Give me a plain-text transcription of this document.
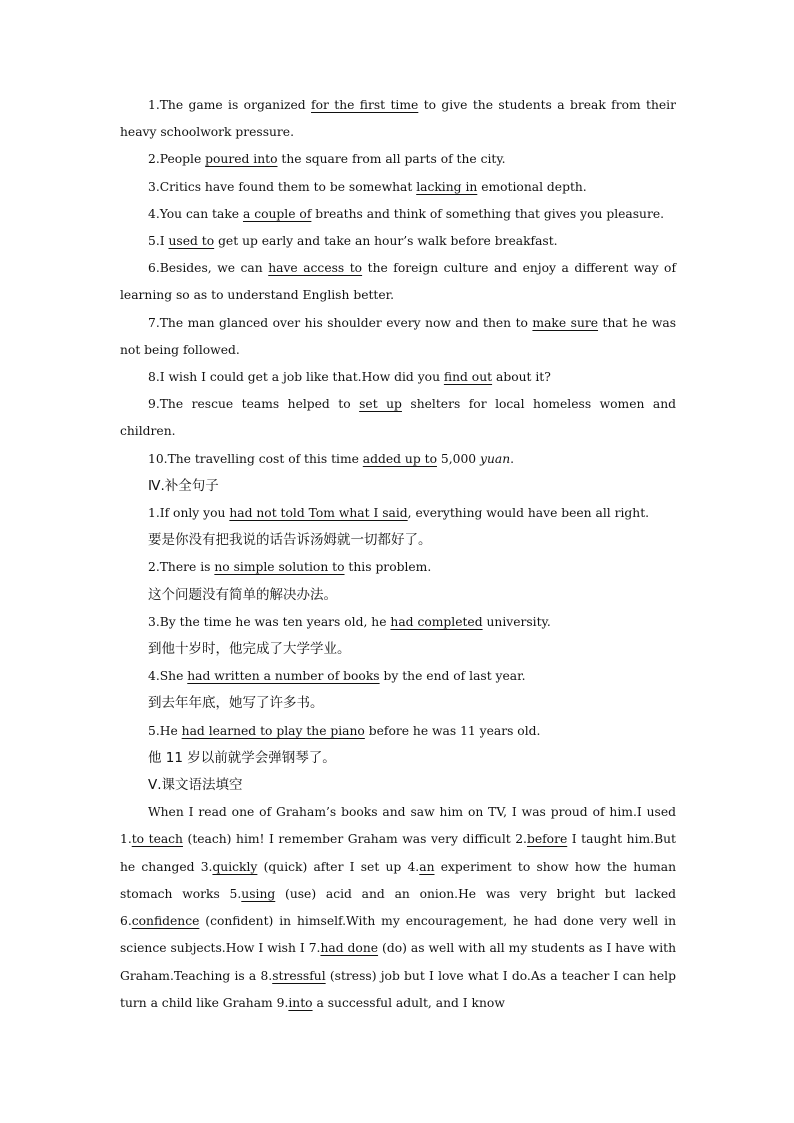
1.The game is organized for the first time to give the students a break from their heavy schoolwork pressure.

2.People poured into the square from all parts of the city.

3.Critics have found them to be somewhat lacking in emotional depth.

4.You can take a couple of breaths and think of something that gives you pleasure.

5.I used to get up early and take an hour’s walk before breakfast.

6.Besides, we can have access to the foreign culture and enjoy a different way of learning so as to understand English better.

7.The man glanced over his shoulder every now and then to make sure that he was not being followed.

8.I wish I could get a job like that.How did you find out about it?

9.The rescue teams helped to set up shelters for local homeless women and children.

10.The travelling cost of this time added up to 5,000 yuan.

Ⅳ.补全句子

1.If only you had not told Tom what I said, everything would have been all right.

要是你没有把我说的话告诉汤姆就一切都好了。

2.There is no simple solution to this problem.

这个问题没有简单的解决办法。

3.By the time he was ten years old, he had completed university.

到他十岁时，他完成了大学学业。

4.She had written a number of books by the end of last year.

到去年年底，她写了许多书。

5.He had learned to play the piano before he was 11 years old.

他 11 岁以前就学会弹钢琴了。

Ⅴ.课文语法填空

When I read one of Graham’s books and saw him on TV, I was proud of him.I used 1.to teach (teach) him! I remember Graham was very difficult 2.before I taught him.But he changed 3.quickly (quick) after I set up 4.an experiment to show how the human stomach works 5.using (use) acid and an onion.He was very bright but lacked 6.confidence (confident) in himself.With my encouragement, he had done very well in science subjects.How I wish I 7.had done (do) as well with all my students as I have with Graham.Teaching is a 8.stressful (stress) job but I love what I do.As a teacher I can help turn a child like Graham 9.into a successful adult, and I know
